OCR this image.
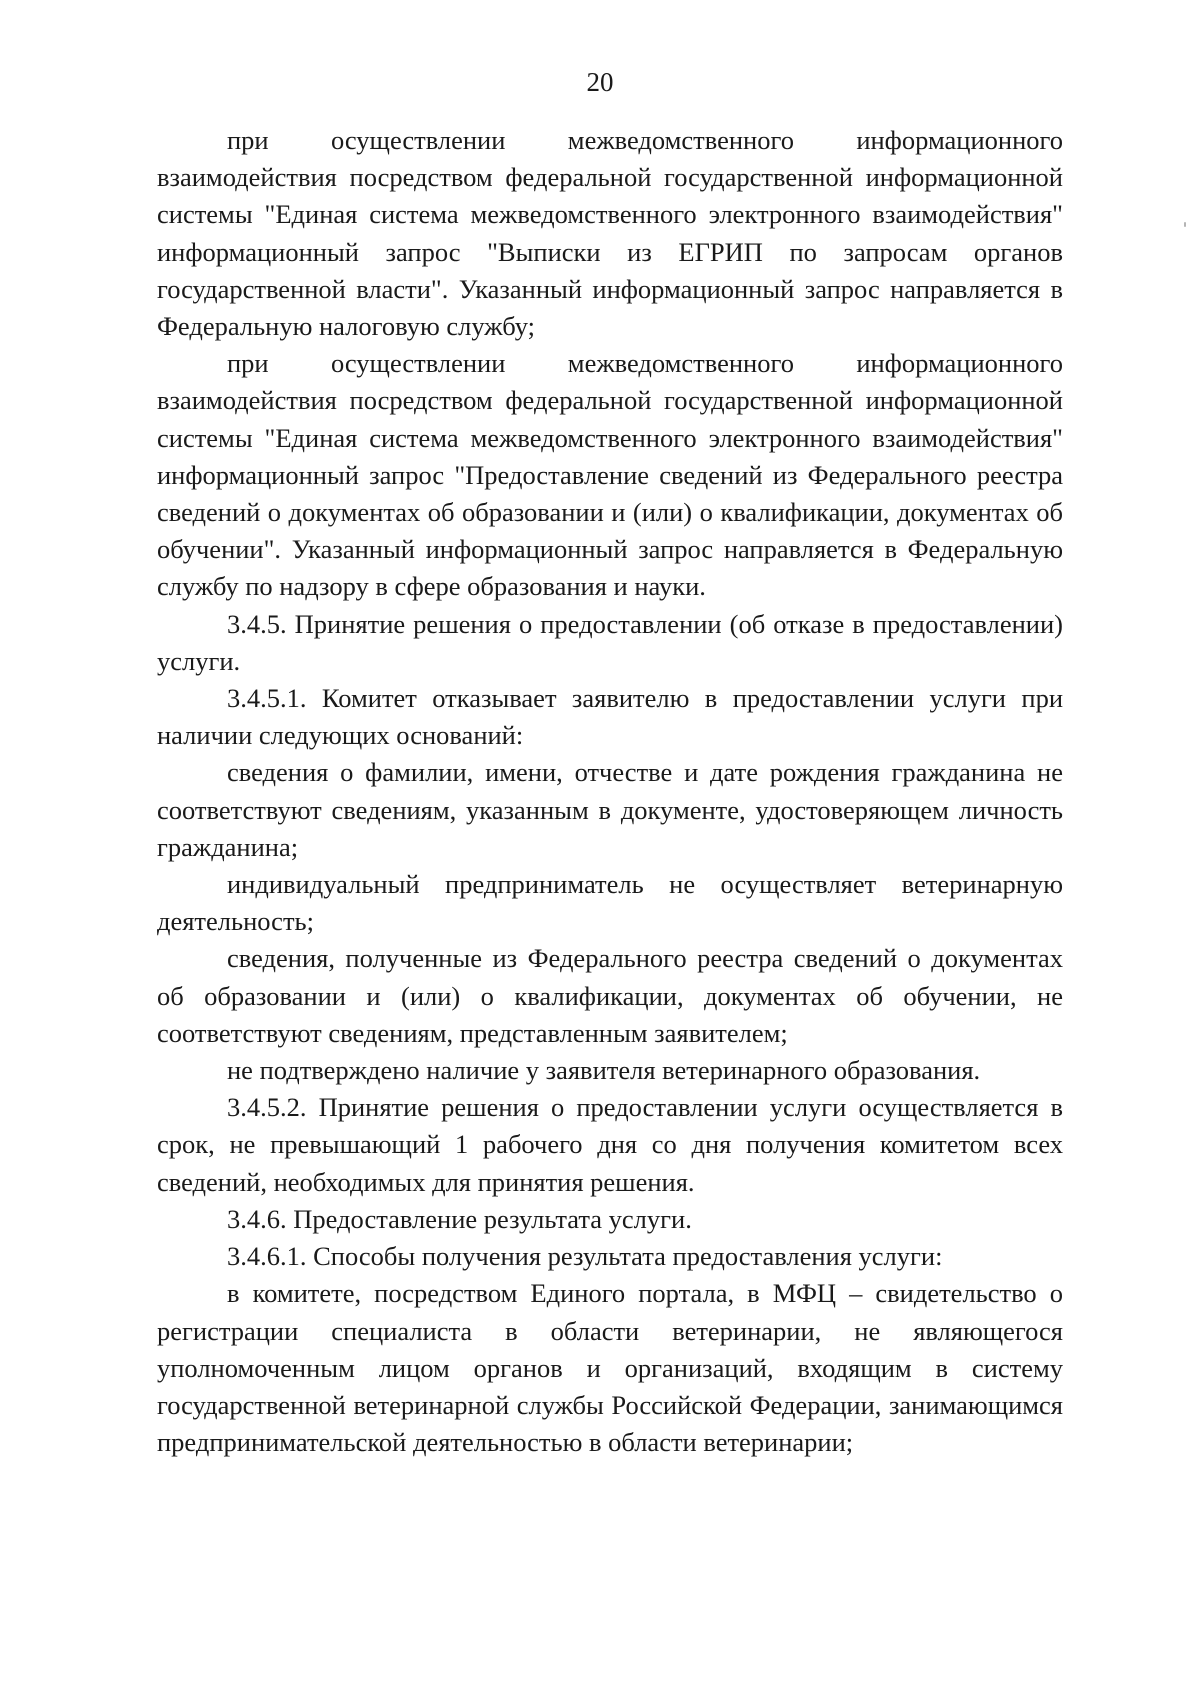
20

при осуществлении межведомственного информационного взаимодействия посредством федеральной государственной информационной системы "Единая система межведомственного электронного взаимодействия" информационный запрос "Выписки из ЕГРИП по запросам органов государственной власти". Указанный информационный запрос направляется в Федеральную налоговую службу;

при осуществлении межведомственного информационного взаимодействия посредством федеральной государственной информационной системы "Единая система межведомственного электронного взаимодействия" информационный запрос "Предоставление сведений из Федерального реестра сведений о документах об образовании и (или) о квалификации, документах об обучении". Указанный информационный запрос направляется в Федеральную службу по надзору в сфере образования и науки.

3.4.5. Принятие решения о предоставлении (об отказе в предоставлении) услуги.

3.4.5.1. Комитет отказывает заявителю в предоставлении услуги при наличии следующих оснований:

сведения о фамилии, имени, отчестве и дате рождения гражданина не соответствуют сведениям, указанным в документе, удостоверяющем личность гражданина;

индивидуальный предприниматель не осуществляет ветеринарную деятельность;

сведения, полученные из Федерального реестра сведений о документах об образовании и (или) о квалификации, документах об обучении, не соответствуют сведениям, представленным заявителем;

не подтверждено наличие у заявителя ветеринарного образования.

3.4.5.2. Принятие решения о предоставлении услуги осуществляется в срок, не превышающий 1 рабочего дня со дня получения комитетом всех сведений, необходимых для принятия решения.

3.4.6. Предоставление результата услуги.

3.4.6.1. Способы получения результата предоставления услуги:

в комитете, посредством Единого портала, в МФЦ – свидетельство о регистрации специалиста в области ветеринарии, не являющегося уполномоченным лицом органов и организаций, входящим в систему государственной ветеринарной службы Российской Федерации, занимающимся предпринимательской деятельностью в области ветеринарии;
